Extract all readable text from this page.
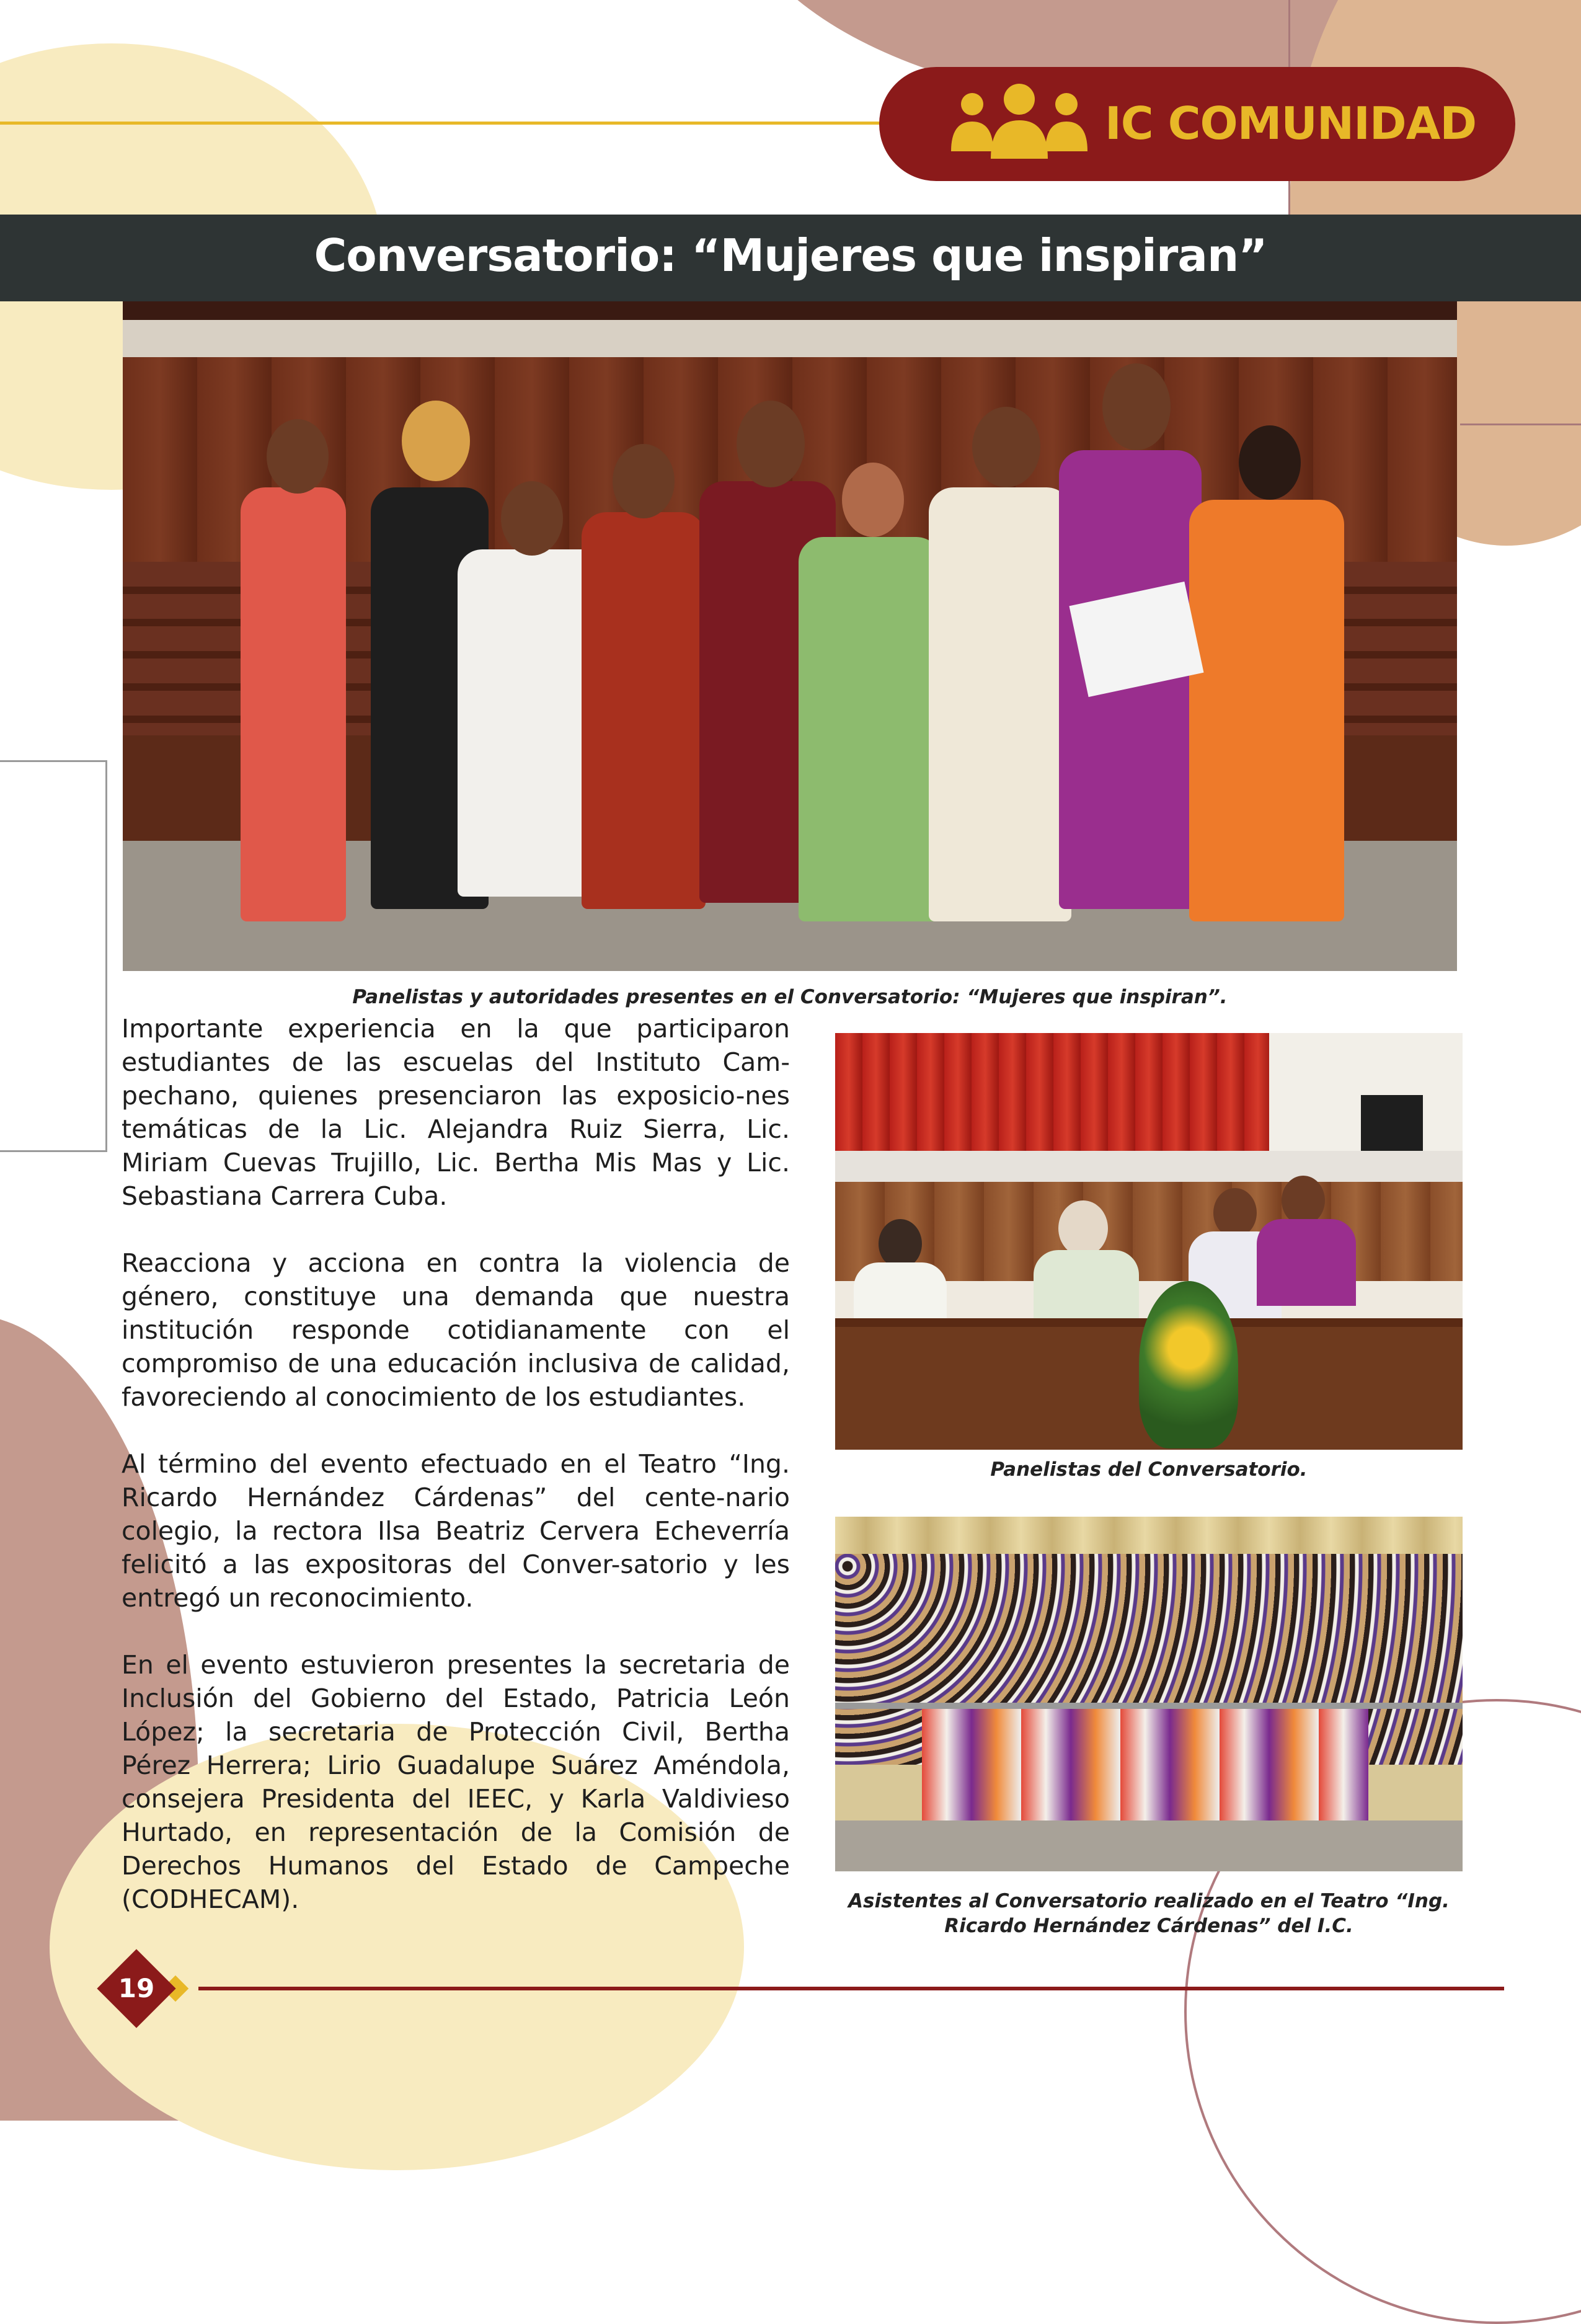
IC COMUNIDAD
Conversatorio: “Mujeres que inspiran”
Panelistas y autoridades presentes en el Conversatorio: “Mujeres que inspiran”.

Importante experiencia en la que participaron estudiantes de las escuelas del Instituto Cam-pechano, quienes presenciaron las exposicio-nes temáticas de la Lic. Alejandra Ruiz Sierra, Lic. Miriam Cuevas Trujillo, Lic. Bertha Mis Mas y Lic. Sebastiana Carrera Cuba.

Reacciona y acciona en contra la violencia de género, constituye una demanda que nuestra institución responde cotidianamente con el compromiso de una educación inclusiva de calidad, favoreciendo al conocimiento de los estudiantes.

Al término del evento efectuado en el Teatro “Ing. Ricardo Hernández Cárdenas” del cente-nario colegio, la rectora Ilsa Beatriz Cervera Echeverría felicitó a las expositoras del Conver-satorio y les entregó un reconocimiento.

En el evento estuvieron presentes la secretaria de Inclusión del Gobierno del Estado, Patricia León López; la secretaria de Protección Civil, Bertha Pérez Herrera; Lirio Guadalupe Suárez Améndola, consejera Presidenta del IEEC, y Karla Valdivieso Hurtado, en representación de la Comisión de Derechos Humanos del Estado de Campeche (CODHECAM).

Panelistas del Conversatorio.
Asistentes al Conversatorio realizado en el Teatro “Ing. Ricardo Hernández Cárdenas” del I.C.
19
